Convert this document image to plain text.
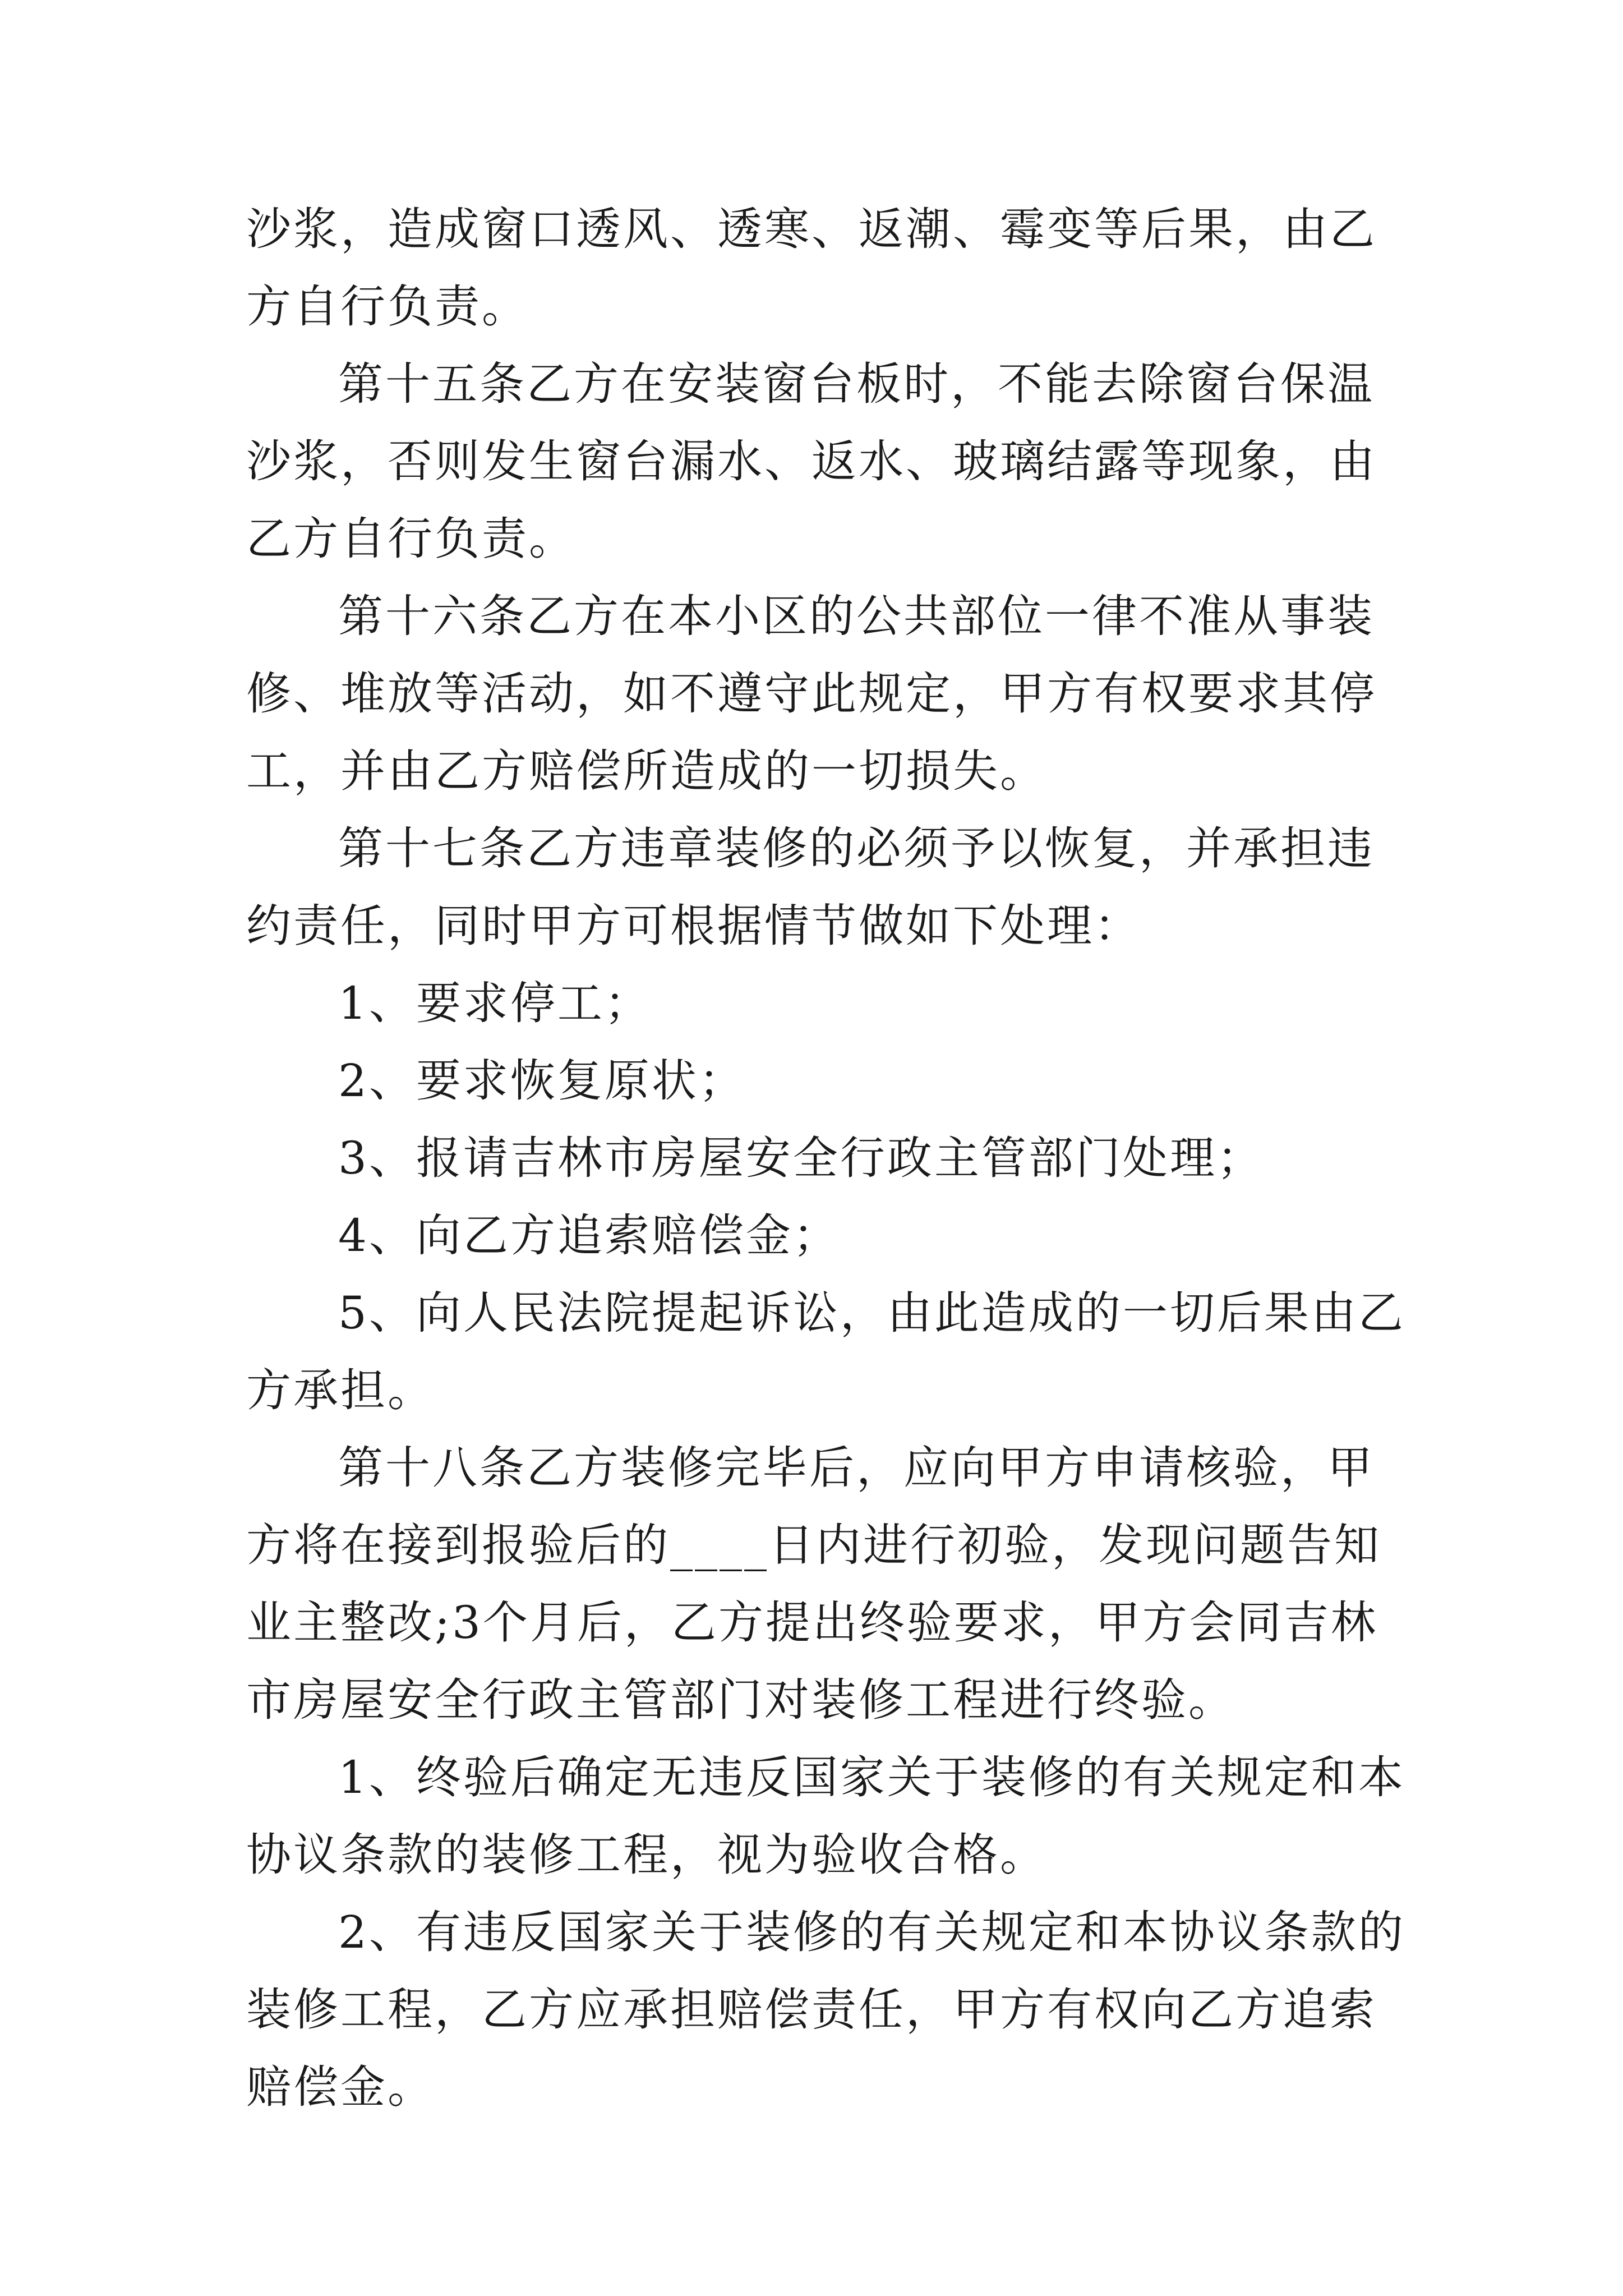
沙浆，造成窗口透风、透寒、返潮、霉变等后果，由乙方自行负责。

第十五条乙方在安装窗台板时，不能去除窗台保温沙浆，否则发生窗台漏水、返水、玻璃结露等现象，由乙方自行负责。

第十六条乙方在本小区的公共部位一律不准从事装修、堆放等活动，如不遵守此规定，甲方有权要求其停工，并由乙方赔偿所造成的一切损失。

第十七条乙方违章装修的必须予以恢复，并承担违约责任，同时甲方可根据情节做如下处理：

1、要求停工；

2、要求恢复原状；

3、报请吉林市房屋安全行政主管部门处理；

4、向乙方追索赔偿金；

5、向人民法院提起诉讼，由此造成的一切后果由乙方承担。

第十八条乙方装修完毕后，应向甲方申请核验，甲方将在接到报验后的____日内进行初验，发现问题告知业主整改;3个月后，乙方提出终验要求，甲方会同吉林市房屋安全行政主管部门对装修工程进行终验。

1、终验后确定无违反国家关于装修的有关规定和本协议条款的装修工程，视为验收合格。

2、有违反国家关于装修的有关规定和本协议条款的装修工程，乙方应承担赔偿责任，甲方有权向乙方追索赔偿金。
